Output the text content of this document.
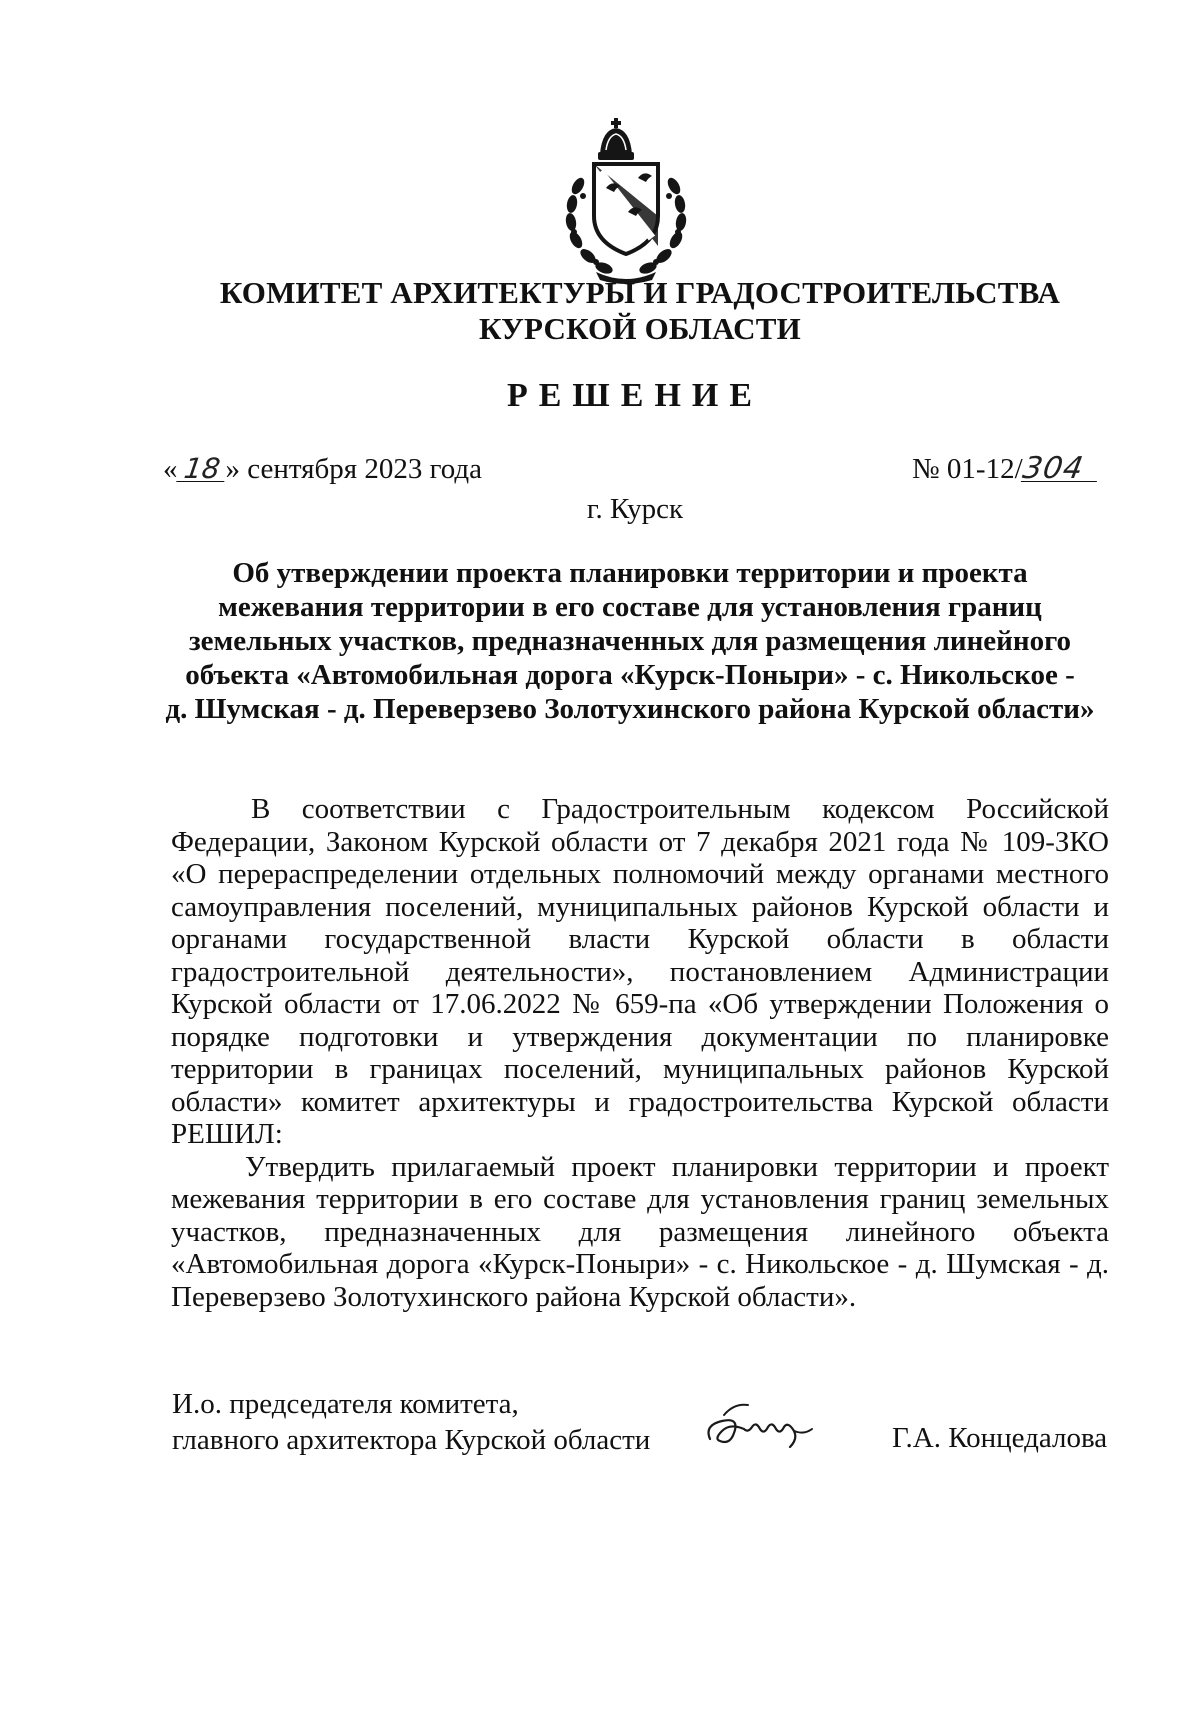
КОМИТЕТ АРХИТЕКТУРЫ И ГРАДОСТРОИТЕЛЬСТВА
КУРСКОЙ ОБЛАСТИ
РЕШЕНИЕ
« 18 » сентября 2023 года	№ 01-12/304
г. Курск
Об утверждении проекта планировки территории и проекта
межевания территории в его составе для установления границ
земельных участков, предназначенных для размещения линейного
объекта «Автомобильная дорога «Курск-Поныри» - с. Никольское -
д. Шумская - д. Переверзево Золотухинского района Курской области»

В соответствии с Градостроительным кодексом Российской Федерации, Законом Курской области от 7 декабря 2021 года № 109-ЗКО «О перераспределении отдельных полномочий между органами местного самоуправления поселений, муниципальных районов Курской области и органами государственной власти Курской области в области градостроительной деятельности», постановлением Администрации Курской области от 17.06.2022 № 659-па «Об утверждении Положения о порядке подготовки и утверждения документации по планировке территории в границах поселений, муниципальных районов Курской области» комитет архитектуры и градостроительства Курской области РЕШИЛ:

Утвердить прилагаемый проект планировки территории и проект межевания территории в его составе для установления границ земельных участков, предназначенных для размещения линейного объекта «Автомобильная дорога «Курск-Поныри» - с. Никольское - д. Шумская - д. Переверзево Золотухинского района Курской области».

И.о. председателя комитета,
главного архитектора Курской области	Г.А. Концедалова
